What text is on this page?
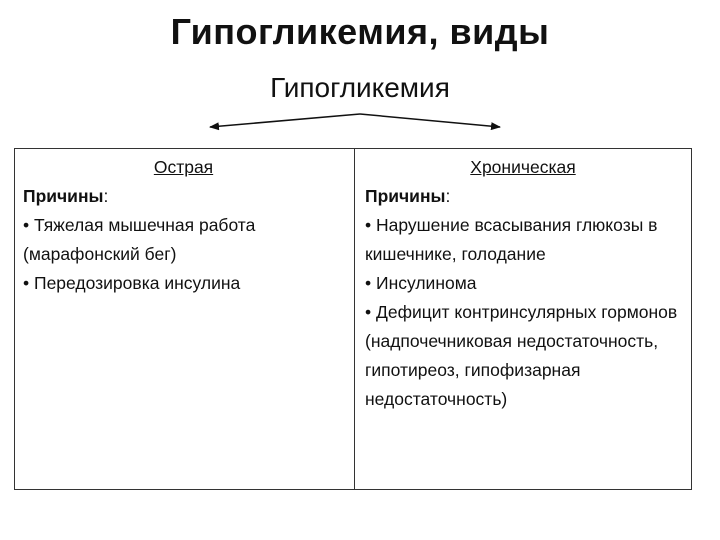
Гипогликемия, виды
Гипогликемия
Острая
Причины:
• Тяжелая мышечная работа (марафонский бег)
• Передозировка инсулина
Хроническая
Причины:
• Нарушение всасывания глюкозы в кишечнике, голодание
• Инсулинома
• Дефицит контринсулярных гормонов (надпочечниковая недостаточность, гипотиреоз, гипофизарная недостаточность)
